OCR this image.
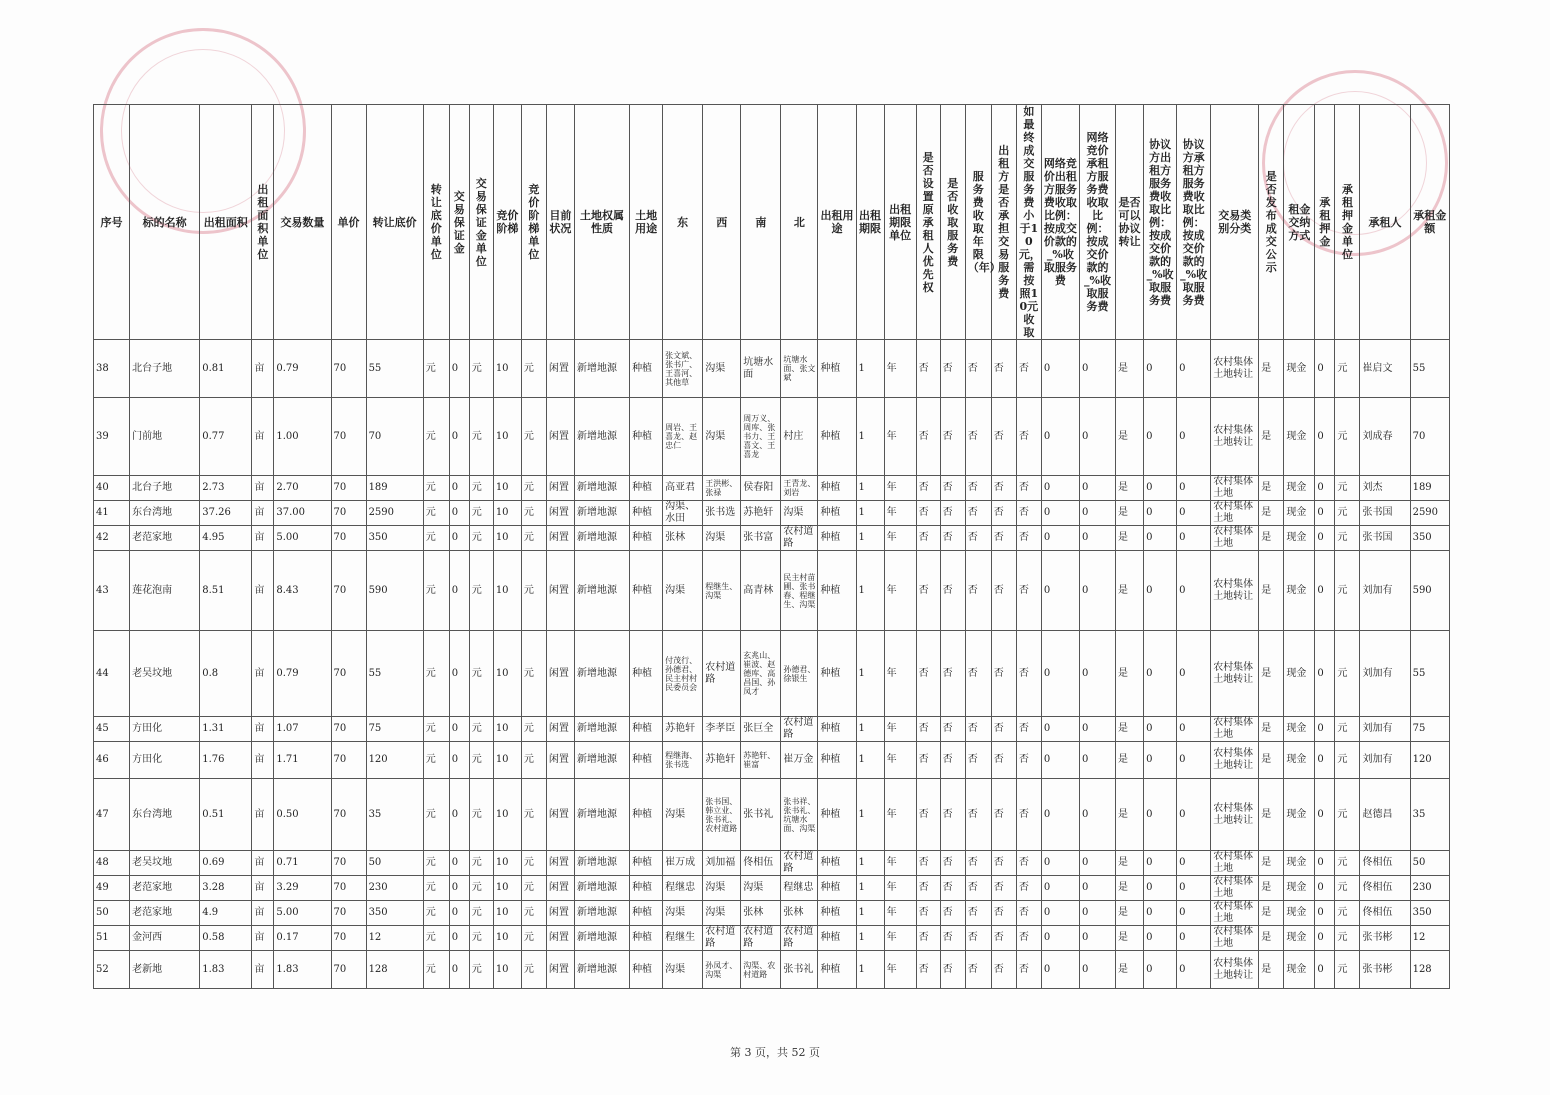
序号	标的名称	出租面积	出租面积单位	交易数量	单价	转让底价	转让底价单位	交易保证金	交易保证金单位	竞价阶梯	竞价阶梯单位	目前状况	土地权属性质	土地用途	东	西	南	北	出租用途	出租期限	出租期限单位	是否设置原承租人优先权	是否收取服务费	服务费收取年限（年）	出租方是否承担交易服务费	如最终成交服务费小于10元，需按照10元收取	网络竞价出租方服务费收取比例：按成交价款的_%收取服务费	网络竞价承租方服务费收取比例：按成交价款的_%收取服务费	是否可以协议转让	协议方出租方服务费收取比例：按成交价款的_%收取服务费	协议方承租方服务费收取比例：按成交价款的_%收取服务费	交易类别分类	是否发布成交公示	租金交纳方式	承租押金	承租押金单位	承租人	承租金额
38	北台子地	0.81	亩	0.79	70	55	元	0	元	10	元	闲置	新增地源	种植	张文斌、张书广、王喜河、其他草	沟渠	坑塘水面	坑塘水面、张文斌	种植	1	年	否	否	否	否	否	0	0	是	0	0	农村集体土地转让	是	现金	0	元	崔启文	55
39	门前地	0.77	亩	1.00	70	70	元	0	元	10	元	闲置	新增地源	种植	周岩、王喜龙、赵忠仁	沟渠	周万义、周库、张书力、王喜文、王喜龙	村庄	种植	1	年	否	否	否	否	否	0	0	是	0	0	农村集体土地转让	是	现金	0	元	刘成春	70
40	北台子地	2.73	亩	2.70	70	189	元	0	元	10	元	闲置	新增地源	种植	高亚君	王洪彬、张禄	侯春阳	王青龙、刘岩	种植	1	年	否	否	否	否	否	0	0	是	0	0	农村集体土地	是	现金	0	元	刘杰	189
41	东台湾地	37.26	亩	37.00	70	2590	元	0	元	10	元	闲置	新增地源	种植	沟渠、水田	张书选	苏艳轩	沟渠	种植	1	年	否	否	否	否	否	0	0	是	0	0	农村集体土地	是	现金	0	元	张书国	2590
42	老范家地	4.95	亩	5.00	70	350	元	0	元	10	元	闲置	新增地源	种植	张林	沟渠	张书富	农村道路	种植	1	年	否	否	否	否	否	0	0	是	0	0	农村集体土地	是	现金	0	元	张书国	350
43	莲花泡南	8.51	亩	8.43	70	590	元	0	元	10	元	闲置	新增地源	种植	沟渠	程继生、沟渠	高青林	民主村苗圃、张书春、程继生、沟渠	种植	1	年	否	否	否	否	否	0	0	是	0	0	农村集体土地转让	是	现金	0	元	刘加有	590
44	老吴坟地	0.8	亩	0.79	70	55	元	0	元	10	元	闲置	新增地源	种植	付茂行、孙德君、民主村村民委员会	农村道路	玄兆山、崔波、赵德库、高昌国、孙凤才	孙德君、徐银生	种植	1	年	否	否	否	否	否	0	0	是	0	0	农村集体土地转让	是	现金	0	元	刘加有	55
45	方田化	1.31	亩	1.07	70	75	元	0	元	10	元	闲置	新增地源	种植	苏艳轩	李孝臣	张巨全	农村道路	种植	1	年	否	否	否	否	否	0	0	是	0	0	农村集体土地	是	现金	0	元	刘加有	75
46	方田化	1.76	亩	1.71	70	120	元	0	元	10	元	闲置	新增地源	种植	程继海、张书选	苏艳轩	苏艳轩、崔富	崔万金	种植	1	年	否	否	否	否	否	0	0	是	0	0	农村集体土地转让	是	现金	0	元	刘加有	120
47	东台湾地	0.51	亩	0.50	70	35	元	0	元	10	元	闲置	新增地源	种植	沟渠	张书国、韩立业、张书礼、农村道路	张书礼	张书祥、张书礼、坑塘水面、沟渠	种植	1	年	否	否	否	否	否	0	0	是	0	0	农村集体土地转让	是	现金	0	元	赵德昌	35
48	老吴坟地	0.69	亩	0.71	70	50	元	0	元	10	元	闲置	新增地源	种植	崔万成	刘加福	佟相伍	农村道路	种植	1	年	否	否	否	否	否	0	0	是	0	0	农村集体土地	是	现金	0	元	佟相伍	50
49	老范家地	3.28	亩	3.29	70	230	元	0	元	10	元	闲置	新增地源	种植	程继忠	沟渠	沟渠	程继忠	种植	1	年	否	否	否	否	否	0	0	是	0	0	农村集体土地	是	现金	0	元	佟相伍	230
50	老范家地	4.9	亩	5.00	70	350	元	0	元	10	元	闲置	新增地源	种植	沟渠	沟渠	张林	张林	种植	1	年	否	否	否	否	否	0	0	是	0	0	农村集体土地	是	现金	0	元	佟相伍	350
51	金河西	0.58	亩	0.17	70	12	元	0	元	10	元	闲置	新增地源	种植	程继生	农村道路	农村道路	农村道路	种植	1	年	否	否	否	否	否	0	0	是	0	0	农村集体土地	是	现金	0	元	张书彬	12
52	老新地	1.83	亩	1.83	70	128	元	0	元	10	元	闲置	新增地源	种植	沟渠	孙凤才、沟渠	沟渠、农村道路	张书礼	种植	1	年	否	否	否	否	否	0	0	是	0	0	农村集体土地转让	是	现金	0	元	张书彬	128
第 3 页，共 52 页
